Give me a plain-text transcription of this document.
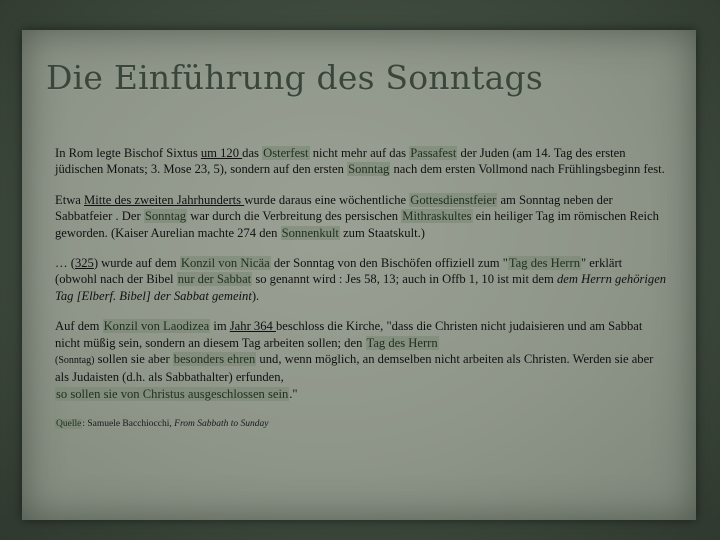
Die Einführung des Sonntags

In Rom legte Bischof Sixtus um 120 das Osterfest nicht mehr auf das Passafest der Juden (am 14. Tag des ersten jüdischen Monats; 3. Mose 23, 5), sondern auf den ersten Sonntag nach dem ersten Vollmond nach Frühlingsbeginn fest.

Etwa Mitte des zweiten Jahrhunderts wurde daraus eine wöchentliche Gottesdienstfeier am Sonntag neben der Sabbatfeier . Der Sonntag war durch die Verbreitung des persischen Mithraskultes ein heiliger Tag im römischen Reich geworden. (Kaiser Aurelian machte 274 den Sonnenkult zum Staatskult.)

… (325) wurde auf dem Konzil von Nicäa der Sonntag von den Bischöfen offiziell zum "Tag des Herrn" erklärt (obwohl nach der Bibel nur der Sabbat so genannt wird : Jes 58, 13; auch in Offb 1, 10 ist mit dem dem Herrn gehörigen Tag [Elberf. Bibel] der Sabbat gemeint).

Auf dem Konzil von Laodizea im Jahr 364 beschloss die Kirche, "dass die Christen nicht judaisieren und am Sabbat nicht müßig sein, sondern an diesem Tag arbeiten sollen; den Tag des Herrn
(Sonntag) sollen sie aber besonders ehren und, wenn möglich, an demselben nicht arbeiten als Christen. Werden sie aber als Judaisten (d.h. als Sabbathalter) erfunden,
so sollen sie von Christus ausgeschlossen sein."

Quelle: Samuele Bacchiocchi, From Sabbath to Sunday
